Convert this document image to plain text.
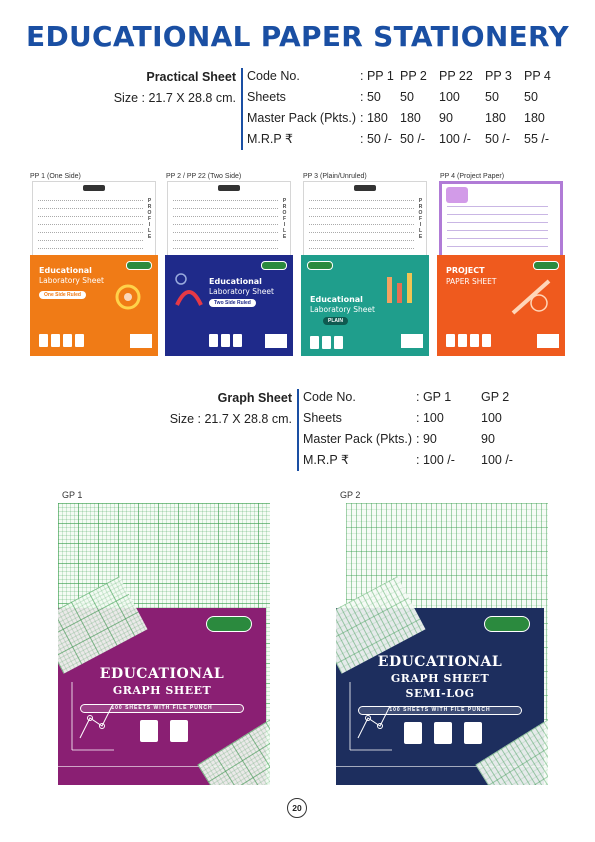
EDUCATIONAL PAPER STATIONERY
Practical Sheet
Size : 21.7 X 28.8 cm.
Code No.	: PP 1	PP 2	PP 22	PP 3	PP 4
Sheets	: 50	50	100	50	50
Master Pack (Pkts.)	: 180	180	90	180	180
M.R.P ₹	: 50 /-	50 /-	100 /-	50 /-	55 /-
PP 1 (One Side)	PP 2 / PP 22 (Two Side)	PP 3 (Plain/Unruled)	PP 4 (Project Paper)
P
R
O
F
I
L
E
Educational
Laboratory Sheet
One Side Ruled
P
R
O
F
I
L
E
Educational
Laboratory Sheet
Two Side Ruled
P
R
O
F
I
L
E
Educational
Laboratory Sheet
PLAIN
PROJECT
PAPER SHEET
Graph Sheet
Size : 21.7 X 28.8 cm.
Code No.	: GP 1	GP 2
Sheets	: 100	100
Master Pack (Pkts.)	: 90	90
M.R.P ₹	: 100 /-	100 /-
GP 1	GP 2
EDUCATIONAL
GRAPH SHEET
100 SHEETS WITH FILE PUNCH
EDUCATIONAL
GRAPH SHEET
SEMI-LOG
100 SHEETS WITH FILE PUNCH
20
